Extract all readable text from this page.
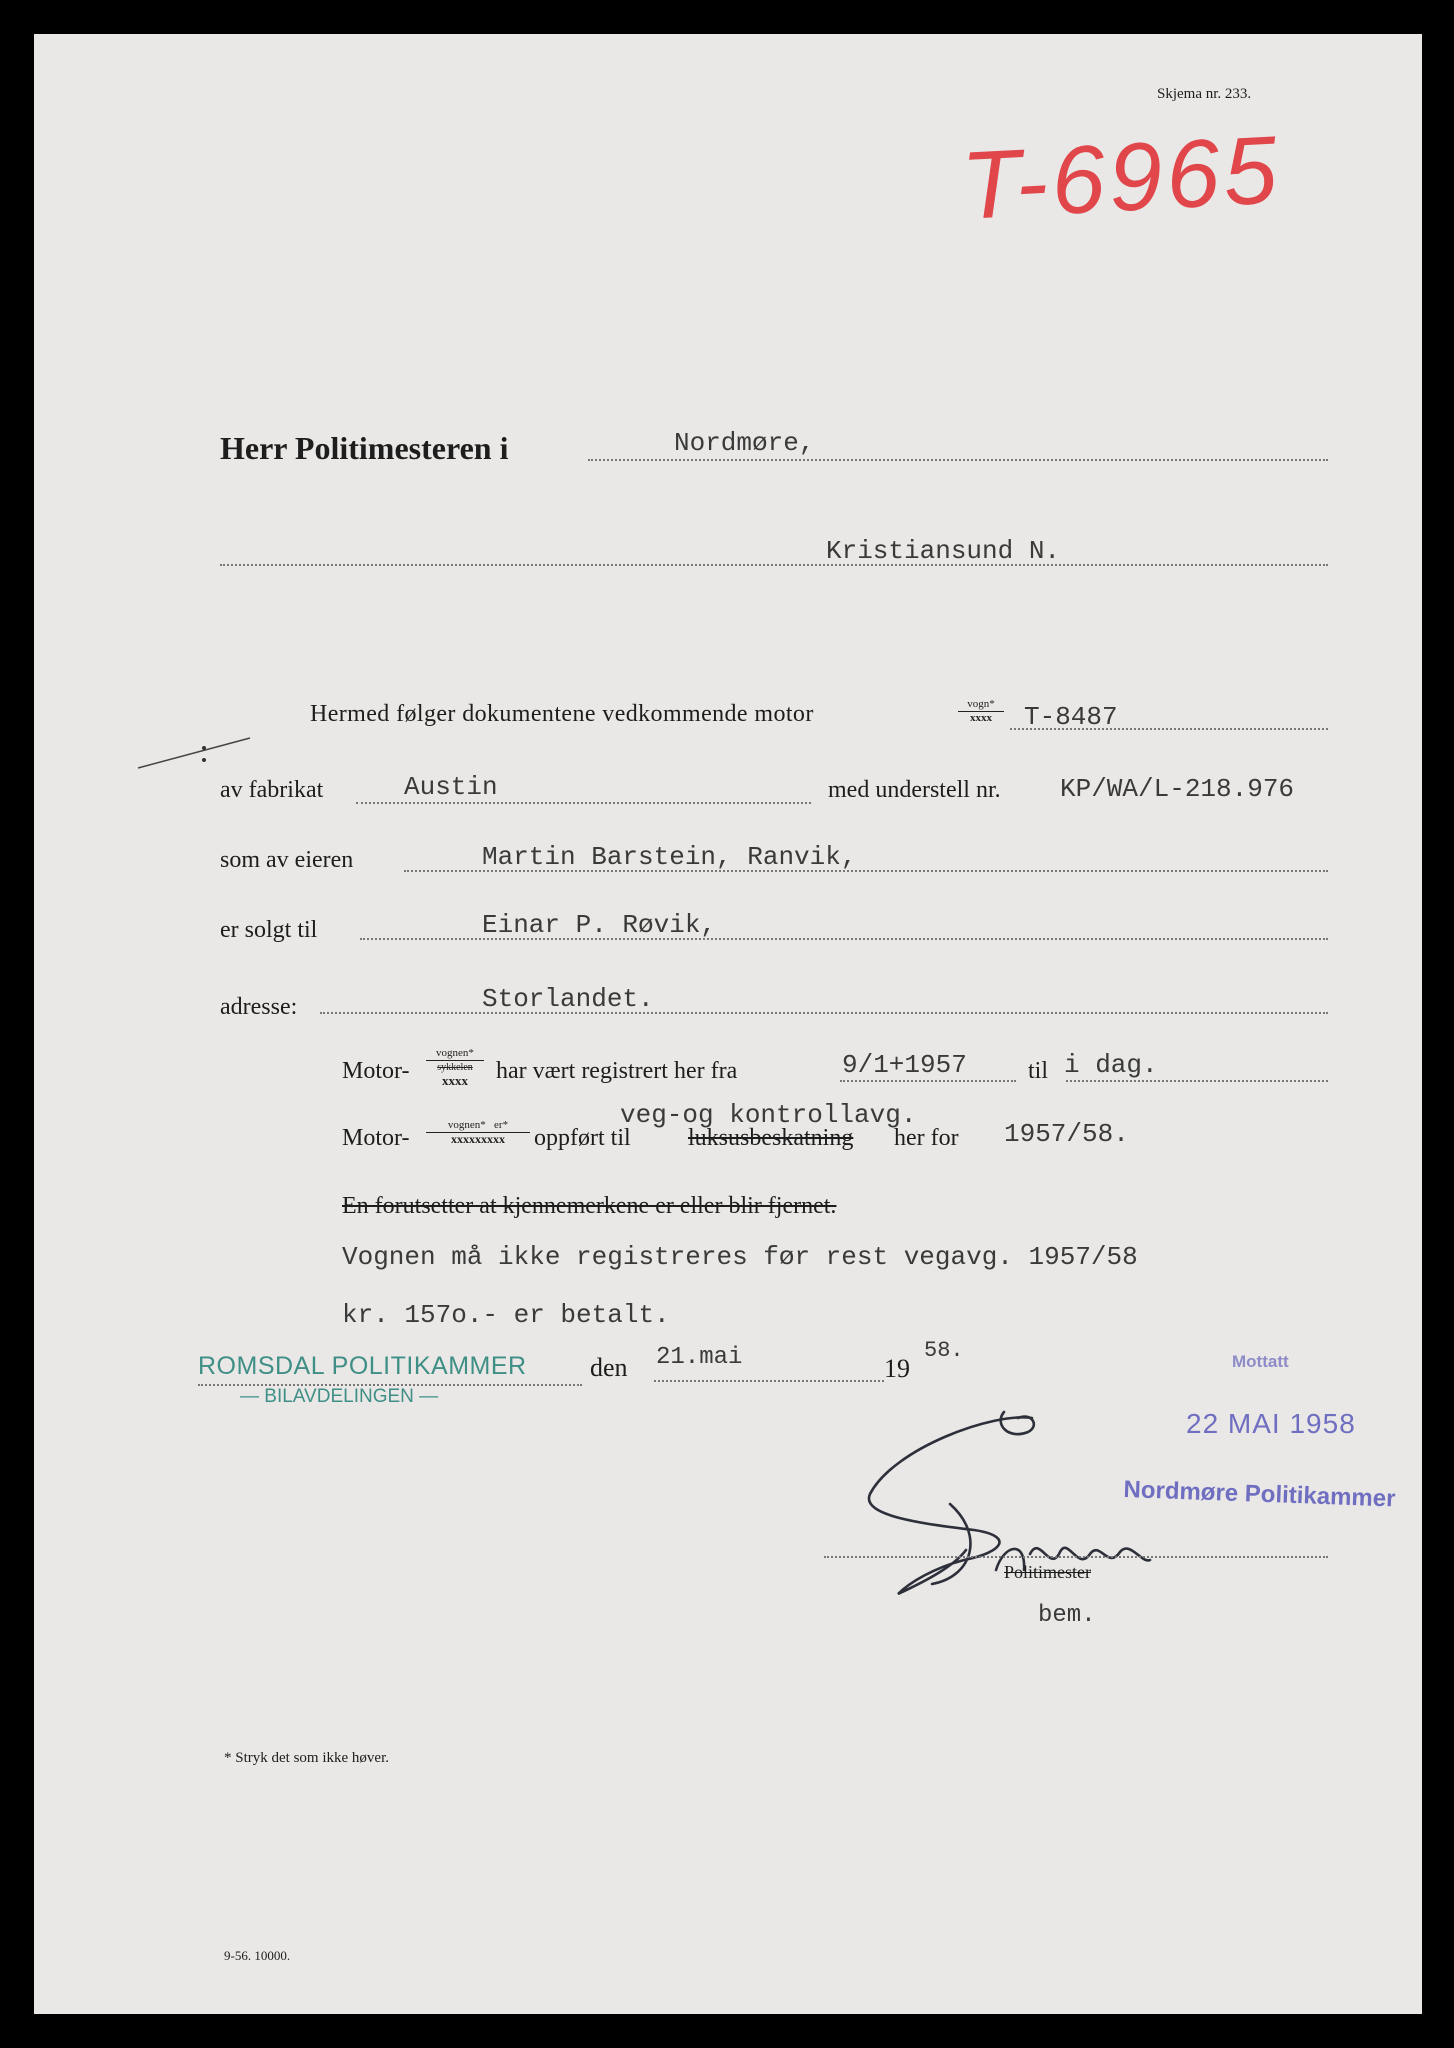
Skjema nr. 233.
T-6965
Herr Politimesteren i	Nordmøre,
Kristiansund N.
Hermed følger dokumentene vedkommende motor	vogn*
xxxx	T-8487
av fabrikat	Austin	med understell nr. KP/WA/L-218.976
som av eieren	Martin Barstein, Ranvik,
er solgt til	Einar P. Røvik,
adresse:	Storlandet.
Motor-
vognen*
sykkelen
xxxx	har vært registrert her fra	9/1+1957	til i dag.
veg-og kontrollavg.
Motor-	vognen*   er*
xxxxxxxxx	oppført til luksusbeskatning her for 1957/58.
En forutsetter at kjennemerkene er eller blir fjernet.
Vognen må ikke registreres før rest vegavg. 1957/58
kr. 157o.- er betalt.
ROMSDAL POLITIKAMMER
— BILAVDELINGEN —
den 21.mai	19
58.	Mottatt
22 MAI 1958
Nordmøre Politikammer
Politimester
bem.
* Stryk det som ikke høver.
9-56. 10000.
